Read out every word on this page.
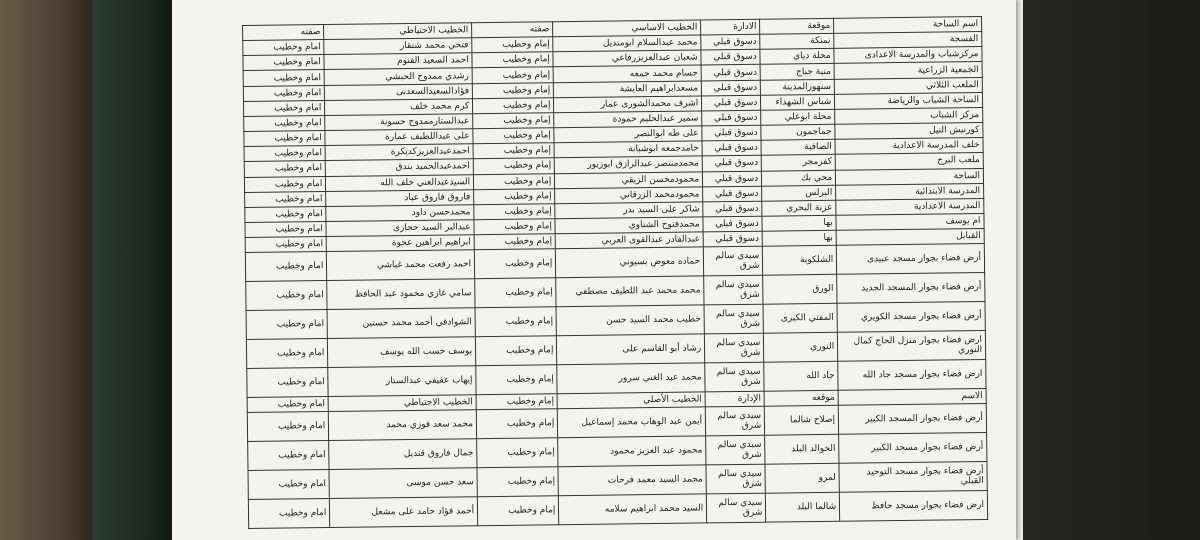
اسم الساحة	موقعة	الادارة	الخطيب الاساسي	صفته	الخطيب الاحتياطي	صفته
الفسحة	نمنكة	دسوق قبلي	محمد عبدالسلام ابومنديل	إمام وخطيب	فتحي محمد شنقار	امام وخطيب
مركزشباب والمدرسة الاعدادى	محلة دياي	دسوق قبلي	شعبان عبدالعزيزرفاعي	إمام وخطيب	احمد السعيد القنوم	امام وخطيب
الجمعية الزراعية	منية جناج	دسوق قبلي	حسام محمد جمعه	إمام وخطيب	رشدي ممدوح الحبشي	امام وخطيب
الملعب الثلاثي	سنهورالمدينة	دسوق قبلي	مسعدابراهيم العايشة	إمام وخطيب	فؤادالسعيدالسعدنى	امام وخطيب
الساحة الشباب والرياضة	شباس الشهداء	دسوق قبلي	اشرف محمدالشورى عمار	إمام وخطيب	كرم محمد خلف	امام وخطيب
مركز الشباب	محلة ابوعلي	دسوق قبلي	سمير عبدالحليم حمودة	إمام وخطيب	عبدالستارممدوح حسونة	امام وخطيب
كورنيش النيل	جماجمون	دسوق قبلي	على طه ابوالنصر	إمام وخطيب	على عبداللطيف عمارة	امام وخطيب
خلف المدرسة الاعدادية	الصافية	دسوق قبلي	حامدجمعه ابوشبانة	إمام وخطيب	احمدعبدالعزيزكديكرة	امام وخطيب
ملعب البرج	كفرمجر	دسوق قبلي	محمدمنتصر عبدالرازق ابوزيور	إمام وخطيب	احمدعبدالحميد بندق	امام وخطيب
الساحة	محي بك	دسوق قبلي	محمودمحسن الزيقي	إمام وخطيب	السيدعبدالغني خلف الله	امام وخطيب
المدرسة الابتدائية	البرلس	دسوق قبلي	محمودمحمد الزرقاني	إمام وخطيب	فاروق فاروق عياد	امام وخطيب
المدرسة الاعدادية	عزبة البحري	دسوق قبلي	شاكر على السيد بدر	إمام وخطيب	محمدحسن داود	امام وخطيب
ام يوسف	بها	دسوق قبلي	محمدفتوح الشناوي	إمام وخطيب	عبدالبر السيد حجازى	امام وخطيب
القبابل	بها	دسوق قبلي	عبدالقادر عبدالقوى العربي	إمام وخطيب	ابراهيم ابراهين عجوة	امام وخطيب
أرض فضاء بجوار مسجد عبيدى	الشلكوبة	سيدي سالم شرق	حماده معوض بسيوني	إمام وخطيب	احمد رفعت محمد غباشي	امام وخطيب
أرض فضاء بجوار المسجد الجديد	الورق	سيدي سالم شرق	محمد محمد عبد اللطيف مصطفي	إمام وخطيب	سامي غازي محمود عبد الحافظ	امام وخطيب
أرض فضاء بجوار مسجد الكويري	المفتي الكبرى	سيدي سالم شرق	خطيب محمد السيد حسن	إمام وخطيب	الشوادفي أحمد محمد حسنين	امام وخطيب
ارض فضاء بجوار منزل الحاج كمال النوري	النوري	سيدي سالم شرق	رشاد أبو القاسم على	إمام وخطيب	يوسف حسب الله يوسف	امام وخطيب
ارض فضاء بجوار مسجد جاد الله	جاد الله	سيدي سالم شرق	محمد عبد الغني سرور	إمام وخطيب	إيهاب عفيفي عبدالستار	امام وخطيب
الاسم	موقعه	الإدارة	الخطيب الأصلي	إمام وخطيب	الخطيب الاحتياطي	امام وخطيب
أرض فضاء بجوار المسجد الكبير	إصلاح شالما	سيدي سالم شرق	أيمن عبد الوهاب محمد إسماعيل	إمام وخطيب	محمد سعد فوزي محمد	امام وخطيب
أرض فضاء بجوار مسجد الكبير	الخوالد البلد	سيدي سالم شرق	محمود عبد العزيز محمود	إمام وخطيب	جمال فاروق قنديل	امام وخطيب
أرض فضاء بجوار مسجد التوحيد القبلي	لمرو	سيدي سالم شرق	محمد السيد معمد فرحات	إمام وخطيب	سعد حسن موسى	امام وخطيب
ارض فضاء بجوار مسجد حافظ	شالما البلد	سيدي سالم شرق	السيد محمد ابراهيم سلامه	إمام وخطيب	أحمد فؤاد حامد على مشعل	امام وخطيب
